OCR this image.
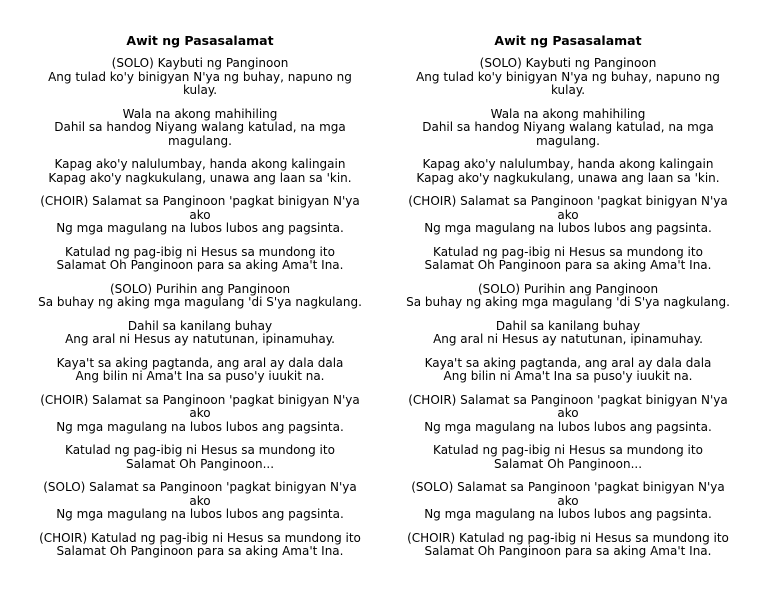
Awit ng Pasasalamat
(SOLO) Kaybuti ng Panginoon
Ang tulad ko'y binigyan N'ya ng buhay, napuno ng kulay.
Wala na akong mahihiling
Dahil sa handog Niyang walang katulad, na mga magulang.
Kapag ako'y nalulumbay, handa akong kalingain
Kapag ako'y nagkukulang, unawa ang laan sa 'kin.
(CHOIR) Salamat sa Panginoon 'pagkat binigyan N'ya ako
Ng mga magulang na lubos lubos ang pagsinta.
Katulad ng pag-ibig ni Hesus sa mundong ito
Salamat Oh Panginoon para sa aking Ama't Ina.
(SOLO) Purihin ang Panginoon
Sa buhay ng aking mga magulang 'di S'ya nagkulang.
Dahil sa kanilang buhay
Ang aral ni Hesus ay natutunan, ipinamuhay.
Kaya't sa aking pagtanda, ang aral ay dala dala
Ang bilin ni Ama't Ina sa puso'y iuukit na.
(CHOIR) Salamat sa Panginoon 'pagkat binigyan N'ya ako
Ng mga magulang na lubos lubos ang pagsinta.
Katulad ng pag-ibig ni Hesus sa mundong ito
Salamat Oh Panginoon...
(SOLO) Salamat sa Panginoon 'pagkat binigyan N'ya ako
Ng mga magulang na lubos lubos ang pagsinta.
(CHOIR) Katulad ng pag-ibig ni Hesus sa mundong ito
Salamat Oh Panginoon para sa aking Ama't Ina.
Awit ng Pasasalamat
(SOLO) Kaybuti ng Panginoon
Ang tulad ko'y binigyan N'ya ng buhay, napuno ng kulay.
Wala na akong mahihiling
Dahil sa handog Niyang walang katulad, na mga magulang.
Kapag ako'y nalulumbay, handa akong kalingain
Kapag ako'y nagkukulang, unawa ang laan sa 'kin.
(CHOIR) Salamat sa Panginoon 'pagkat binigyan N'ya ako
Ng mga magulang na lubos lubos ang pagsinta.
Katulad ng pag-ibig ni Hesus sa mundong ito
Salamat Oh Panginoon para sa aking Ama't Ina.
(SOLO) Purihin ang Panginoon
Sa buhay ng aking mga magulang 'di S'ya nagkulang.
Dahil sa kanilang buhay
Ang aral ni Hesus ay natutunan, ipinamuhay.
Kaya't sa aking pagtanda, ang aral ay dala dala
Ang bilin ni Ama't Ina sa puso'y iuukit na.
(CHOIR) Salamat sa Panginoon 'pagkat binigyan N'ya ako
Ng mga magulang na lubos lubos ang pagsinta.
Katulad ng pag-ibig ni Hesus sa mundong ito
Salamat Oh Panginoon...
(SOLO) Salamat sa Panginoon 'pagkat binigyan N'ya ako
Ng mga magulang na lubos lubos ang pagsinta.
(CHOIR) Katulad ng pag-ibig ni Hesus sa mundong ito
Salamat Oh Panginoon para sa aking Ama't Ina.
